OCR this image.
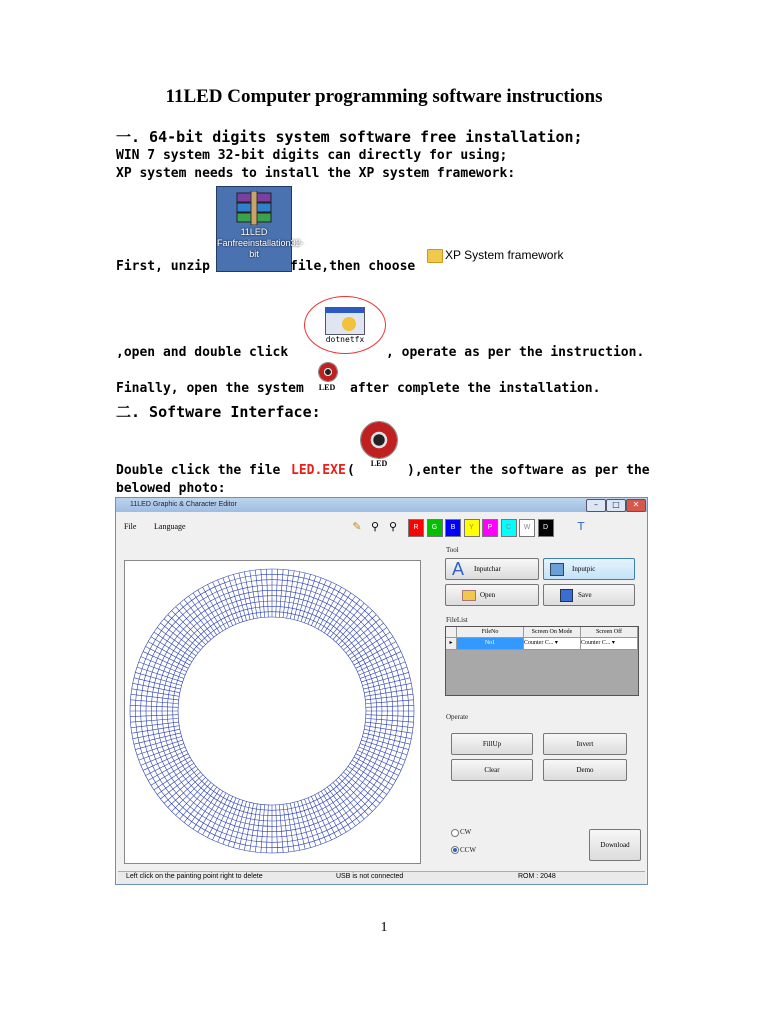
11LED Computer programming software instructions
一. 64-bit digits system software free installation;
WIN 7 system 32-bit digits can directly for using;
XP system needs to install the XP system framework:
11LED Fanfreeinstallation32-bit
First, unzip	file,then choose
XP System framework
dotnetfx
,open and double click	, operate as per the instruction.
Finally, open the system	LED after complete the installation.
二. Software Interface:
LED
Double click the file LED.EXE (	),enter the software as per the
belowed photo:
11LED Graphic & Character Editor	–	□	✕
File Language	✎ ⚲ ⚲	R	G	B	Y	P	C	W	D	T
Tool
A Inputchar	Inputpic
Open	Save
FileList
FileNo	Screen On Mode	Screen Off
▸	No1	Counter C... ▾	Counter C... ▾
Operate
FillUp	Invert
Clear	Demo
CW
CCW
Download
Left click on the painting point right to delete	USB is not connected	ROM : 2048
1
